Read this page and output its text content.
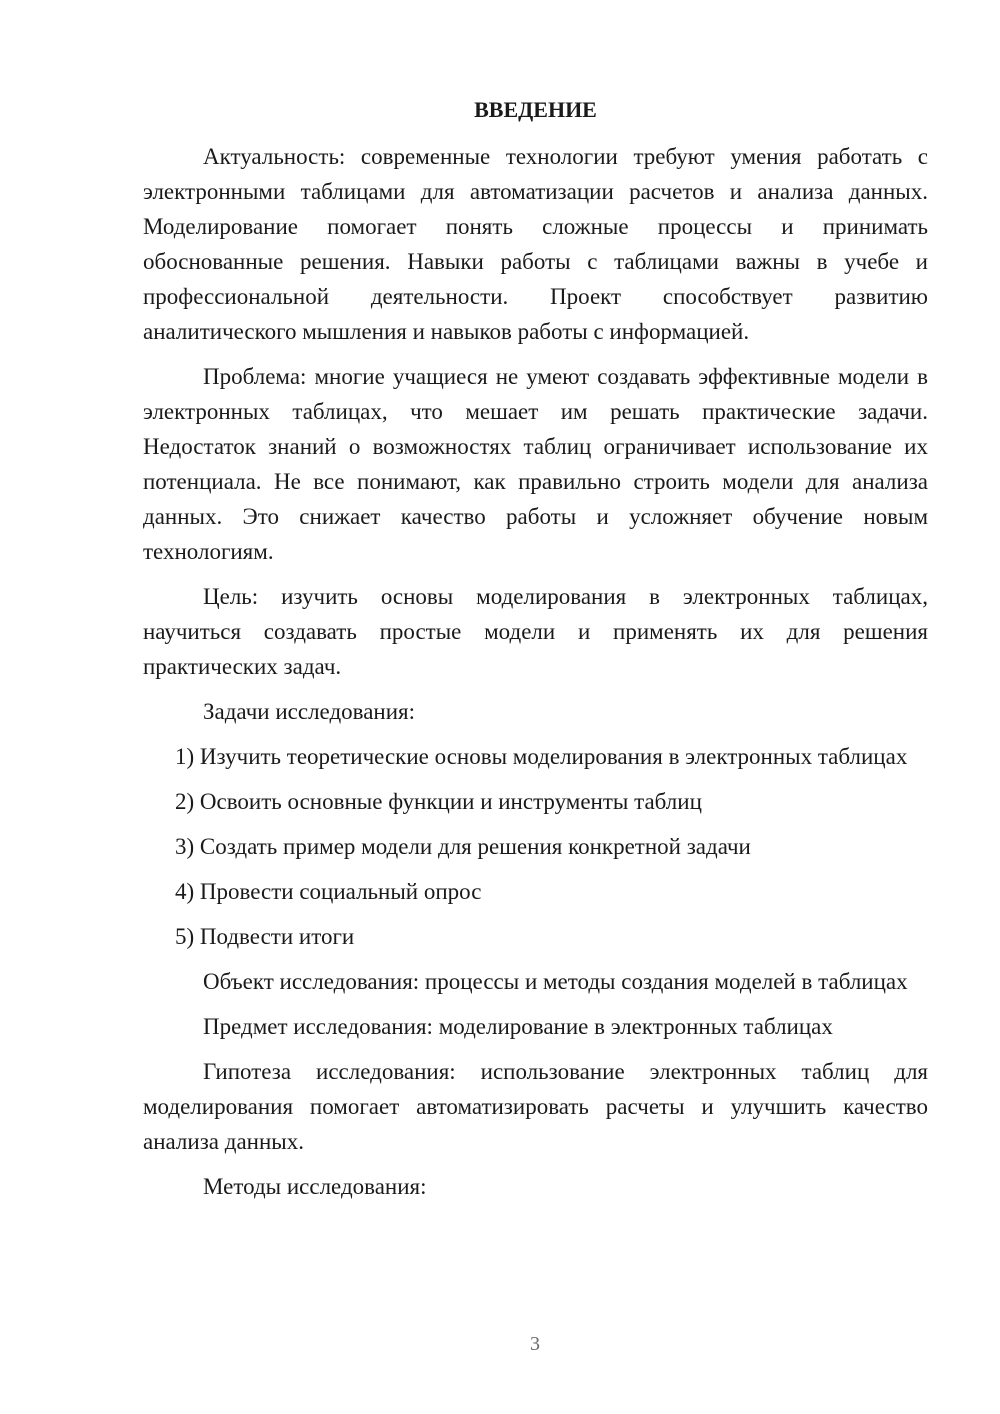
ВВЕДЕНИЕ

Актуальность: современные технологии требуют умения работать с электронными таблицами для автоматизации расчетов и анализа данных. Моделирование помогает понять сложные процессы и принимать обоснованные решения. Навыки работы с таблицами важны в учебе и профессиональной деятельности. Проект способствует развитию аналитического мышления и навыков работы с информацией.

Проблема: многие учащиеся не умеют создавать эффективные модели в электронных таблицах, что мешает им решать практические задачи. Недостаток знаний о возможностях таблиц ограничивает использование их потенциала. Не все понимают, как правильно строить модели для анализа данных. Это снижает качество работы и усложняет обучение новым технологиям.

Цель: изучить основы моделирования в электронных таблицах, научиться создавать простые модели и применять их для решения практических задач.

Задачи исследования:

1) Изучить теоретические основы моделирования в электронных таблицах

2) Освоить основные функции и инструменты таблиц

3) Создать пример модели для решения конкретной задачи

4) Провести социальный опрос

5) Подвести итоги

Объект исследования: процессы и методы создания моделей в таблицах

Предмет исследования: моделирование в электронных таблицах

Гипотеза исследования: использование электронных таблиц для моделирования помогает автоматизировать расчеты и улучшить качество анализа данных.

Методы исследования:

3
